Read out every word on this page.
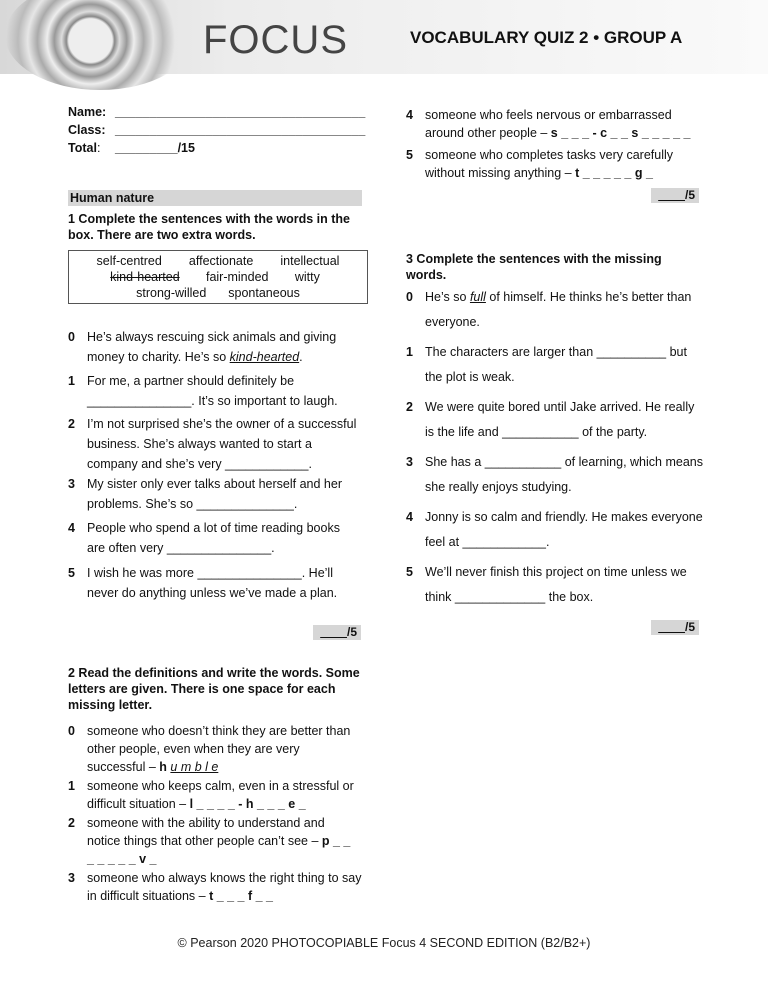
FOCUS	VOCABULARY QUIZ 2 • GROUP A
Name: ____________________________________
Class: ____________________________________
Total: _________/15
Human nature
1 Complete the sentences with the words in the box. There are two extra words.
self-centred affectionate intellectual
kind-hearted fair-minded witty
strong-willed spontaneous
0 He’s always rescuing sick animals and giving money to charity. He’s so kind-hearted.
1 For me, a partner should definitely be _______________. It’s so important to laugh.
2 I’m not surprised she’s the owner of a successful business. She’s always wanted to start a company and she’s very ____________.
3 My sister only ever talks about herself and her problems. She’s so ______________.
4 People who spend a lot of time reading books are often very _______________.
5 I wish he was more _______________. He’ll never do anything unless we’ve made a plan.
____/5
2 Read the definitions and write the words. Some letters are given. There is one space for each missing letter.
0 someone who doesn’t think they are better than other people, even when they are very successful – h u m b l e
1 someone who keeps calm, even in a stressful or difficult situation – l _ _ _ _ - h _ _ _ e _
2 someone with the ability to understand and notice things that other people can’t see – p _ _ _ _ _ _ _ v _
3 someone who always knows the right thing to say in difficult situations – t _ _ _ f _ _
4 someone who feels nervous or embarrassed around other people – s _ _ _ - c _ _ s _ _ _ _ _
5 someone who completes tasks very carefully without missing anything – t _ _ _ _ _ g _
____/5
3 Complete the sentences with the missing words.
0 He’s so full of himself. He thinks he’s better than everyone.
1 The characters are larger than __________ but the plot is weak.
2 We were quite bored until Jake arrived. He really is the life and ___________ of the party.
3 She has a ___________ of learning, which means she really enjoys studying.
4 Jonny is so calm and friendly. He makes everyone feel at ____________.
5 We’ll never finish this project on time unless we think _____________ the box.
____/5
© Pearson 2020 PHOTOCOPIABLE Focus 4 SECOND EDITION (B2/B2+)
